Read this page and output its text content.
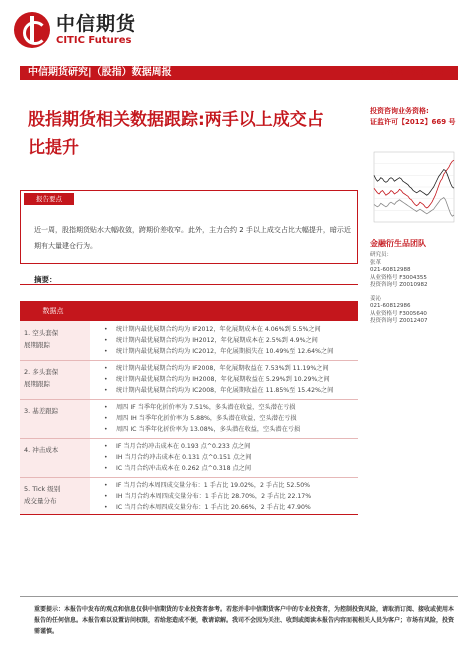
中信期货
CITIC Futures
中信期货研究|（股指）数据周报	2020-07-03
股指期货相关数据跟踪:两手以上成交占比提升
投资咨询业务资格:
证监许可【2012】669 号
金融衍生品团队
研究员：
张革
021-60812988
从业资格号 F3004355
投资咨询号 Z0010982
姜沁
021-60812986
从业资格号 F3005640
投资咨询号 Z0012407
报告要点
近一周，股指期货贴水大幅收敛，跨期价差收窄。此外，主力合约 2 手以上成交占比大幅提升，暗示近期有大量建仓行为。
摘要：
数据点
1. 空头套保
展期跟踪
• 统计期内最优展期合约均为 IF2012，年化展期成本在 4.06%到 5.5%之间
• 统计期内最优展期合约均为 IH2012，年化展期成本在 2.5%到 4.9%之间
• 统计期内最优展期合约均为 IC2012，年化展期损失在 10.49%至 12.64%之间
2. 多头套保
展期跟踪
• 统计期内最优展期合约均为 IF2008，年化展期收益在 7.53%到 11.19%之间
• 统计期内最优展期合约均为 IH2008，年化展期收益在 5.29%到 10.29%之间
• 统计期内最优展期合约均为 IC2008，年化展期收益在 11.85%至 15.42%之间
3. 基差跟踪	• 周四 IF 当季年化折价率为 7.51%，多头潜在收益，空头潜在亏损
• 周四 IH 当季年化折价率为 5.88%，多头潜在收益，空头潜在亏损
• 周四 IC 当季年化折价率为 13.08%，多头潜在收益，空头潜在亏损
4. 冲击成本	• IF 当月合约冲击成本在 0.193 点^0.233 点之间
• IH 当月合约冲击成本在 0.131 点^0.151 点之间
• IC 当月合约冲击成本在 0.262 点^0.318 点之间
5. Tick 级别
成交量分布
• IF 当月合约本周四成交量分布：1 手占比 19.02%，2 手占比 52.50%
• IH 当月合约本周四成交量分布：1 手占比 28.70%，2 手占比 22.17%
• IC 当月合约本周四成交量分布：1 手占比 20.66%，2 手占比 47.90%
重要提示：本报告中发布的观点和信息仅供中信期货的专业投资者参考。若您并非中信期货客户中的专业投资者，为控制投资风险，请取消订阅、接收或使用本报告的任何信息。本报告难以设置访问权限，若给您造成不便，敬请谅解。我司不会因为关注、收到或阅读本报告内容而视相关人员为客户；市场有风险，投资需谨慎。
